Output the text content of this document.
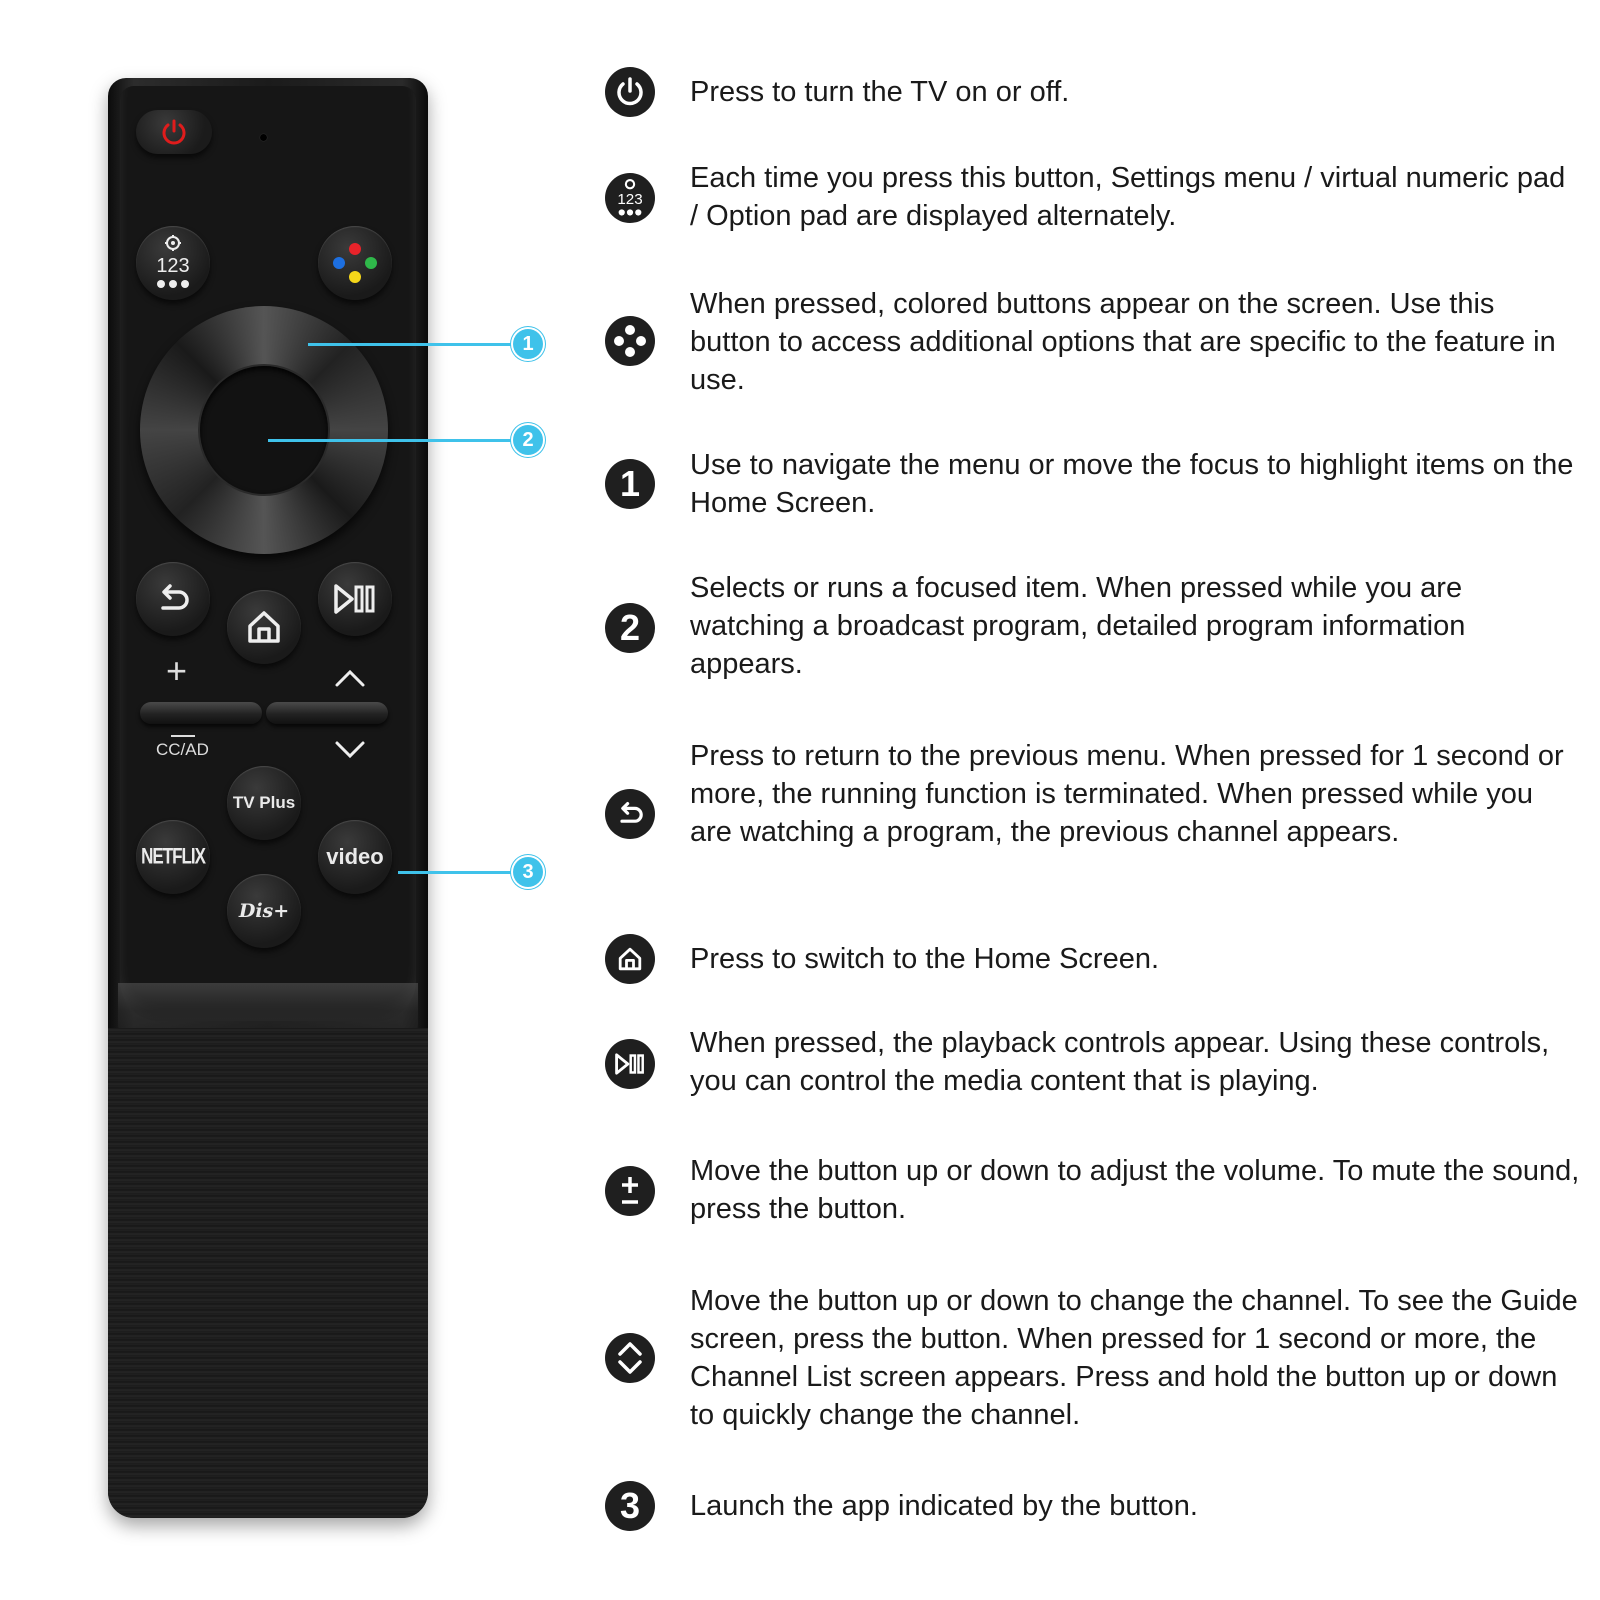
123
+
CC/AD
TV Plus
NETFLIX	video
Dis+
1
2
3
Press to turn the TV on or off.
123
Each time you press this button, Settings menu / virtual numeric pad / Option pad are displayed alternately.
When pressed, colored buttons appear on the screen. Use this button to access additional options that are specific to the feature in use.
1 Use to navigate the menu or move the focus to highlight items on the Home Screen.
2
Selects or runs a focused item. When pressed while you are watching a broadcast program, detailed program information appears.
Press to return to the previous menu. When pressed for 1 second or more, the running function is terminated. When pressed while you are watching a program, the previous channel appears.
Press to switch to the Home Screen.
When pressed, the playback controls appear. Using these controls, you can control the media content that is playing.
Move the button up or down to adjust the volume. To mute the sound, press the button.
Move the button up or down to change the channel. To see the Guide screen, press the button. When pressed for 1 second or more, the Channel List screen appears. Press and hold the button up or down to quickly change the channel.
3 Launch the app indicated by the button.
